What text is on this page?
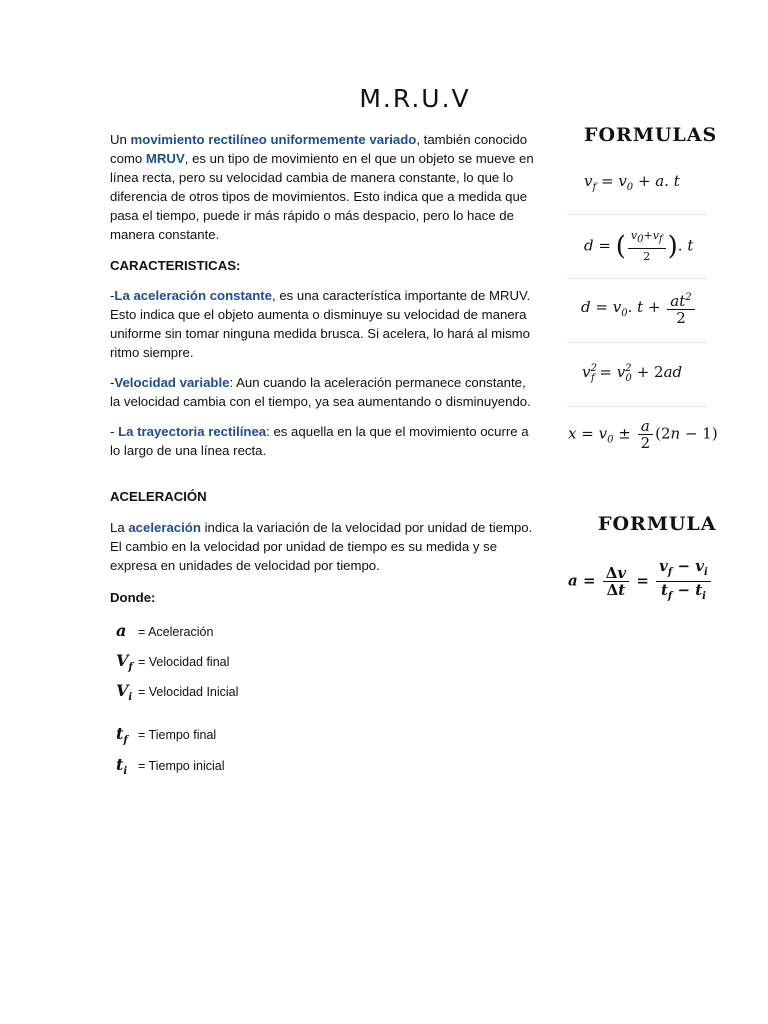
M.R.U.V

Un movimiento rectilíneo uniformemente variado, también conocido como MRUV, es un tipo de movimiento en el que un objeto se mueve en línea recta, pero su velocidad cambia de manera constante, lo que lo diferencia de otros tipos de movimientos. Esto indica que a medida que pasa el tiempo, puede ir más rápido o más despacio, pero lo hace de manera constante.

CARACTERISTICAS:

-La aceleración constante, es una característica importante de MRUV. Esto indica que el objeto aumenta o disminuye su velocidad de manera uniforme sin tomar ninguna medida brusca. Si acelera, lo hará al mismo ritmo siempre.

-Velocidad variable: Aun cuando la aceleración permanece constante, la velocidad cambia con el tiempo, ya sea aumentando o disminuyendo.

- La trayectoria rectilínea: es aquella en la que el movimiento ocurre a lo largo de una línea recta.

ACELERACIÓN

La aceleración indica la variación de la velocidad por unidad de tiempo. El cambio en la velocidad por unidad de tiempo es su medida y se expresa en unidades de velocidad por tiempo.

Donde:
a = Aceleración
$V_f$ = Velocidad final
$V_i$ = Velocidad Inicial
$t_f$ = Tiempo final
$t_i$ = Tiempo inicial
FORMULAS
$v_f = v_0 + a$. t
d = ( $\frac{v_0+v_f}{2}$ ). t
$d = v_0$. $t + \frac{at^2}{2}$
$v^2_f = v^2_0 + 2ad$
$x = v_0 \pm \frac{a}{2} (2n - 1)$
FORMULA
$a = \frac{\Delta v}{\Delta t} = \frac{v_f - v_i}{t_f - t_i}$
